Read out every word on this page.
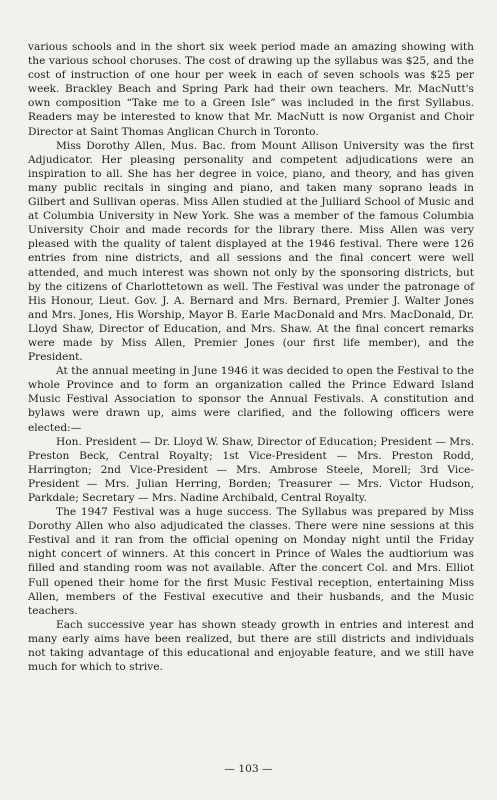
various schools and in the short six week period made an amazing showing with the various school choruses. The cost of drawing up the syllabus was $25, and the cost of instruction of one hour per week in each of seven schools was $25 per week. Brackley Beach and Spring Park had their own teachers. Mr. MacNutt's own composition “Take me to a Green Isle” was included in the first Syllabus. Readers may be interested to know that Mr. MacNutt is now Organist and Choir Director at Saint Thomas Anglican Church in Toronto.

Miss Dorothy Allen, Mus. Bac. from Mount Allison University was the first Adjudicator. Her pleasing personality and competent adjudications were an inspiration to all. She has her degree in voice, piano, and theory, and has given many public recitals in singing and piano, and taken many soprano leads in Gilbert and Sullivan operas. Miss Allen studied at the Julliard School of Music and at Columbia University in New York. She was a member of the famous Columbia University Choir and made records for the library there. Miss Allen was very pleased with the quality of talent displayed at the 1946 festival. There were 126 entries from nine districts, and all sessions and the final concert were well attended, and much interest was shown not only by the sponsoring districts, but by the citizens of Charlottetown as well. The Festival was under the patronage of His Honour, Lieut. Gov. J. A. Bernard and Mrs. Bernard, Premier J. Walter Jones and Mrs. Jones, His Worship, Mayor B. Earle MacDonald and Mrs. MacDonald, Dr. Lloyd Shaw, Director of Education, and Mrs. Shaw. At the final concert remarks were made by Miss Allen, Premier Jones (our first life member), and the President.

At the annual meeting in June 1946 it was decided to open the Festival to the whole Province and to form an organization called the Prince Edward Island Music Festival Association to sponsor the Annual Festivals. A constitution and bylaws were drawn up, aims were clarified, and the following officers were elected:—

Hon. President — Dr. Lloyd W. Shaw, Director of Education; President — Mrs. Preston Beck, Central Royalty; 1st Vice-President — Mrs. Preston Rodd, Harrington; 2nd Vice-President — Mrs. Ambrose Steele, Morell; 3rd Vice-President — Mrs. Julian Herring, Borden; Treasurer — Mrs. Victor Hudson, Parkdale; Secretary — Mrs. Nadine Archibald, Central Royalty.

The 1947 Festival was a huge success. The Syllabus was prepared by Miss Dorothy Allen who also adjudicated the classes. There were nine sessions at this Festival and it ran from the official opening on Monday night until the Friday night concert of winners. At this concert in Prince of Wales the audtiorium was filled and standing room was not available. After the concert Col. and Mrs. Elliot Full opened their home for the first Music Festival reception, entertaining Miss Allen, members of the Festival executive and their husbands, and the Music teachers.

Each successive year has shown steady growth in entries and interest and many early aims have been realized, but there are still districts and individuals not taking advantage of this educational and enjoyable feature, and we still have much for which to strive.

— 103 —
